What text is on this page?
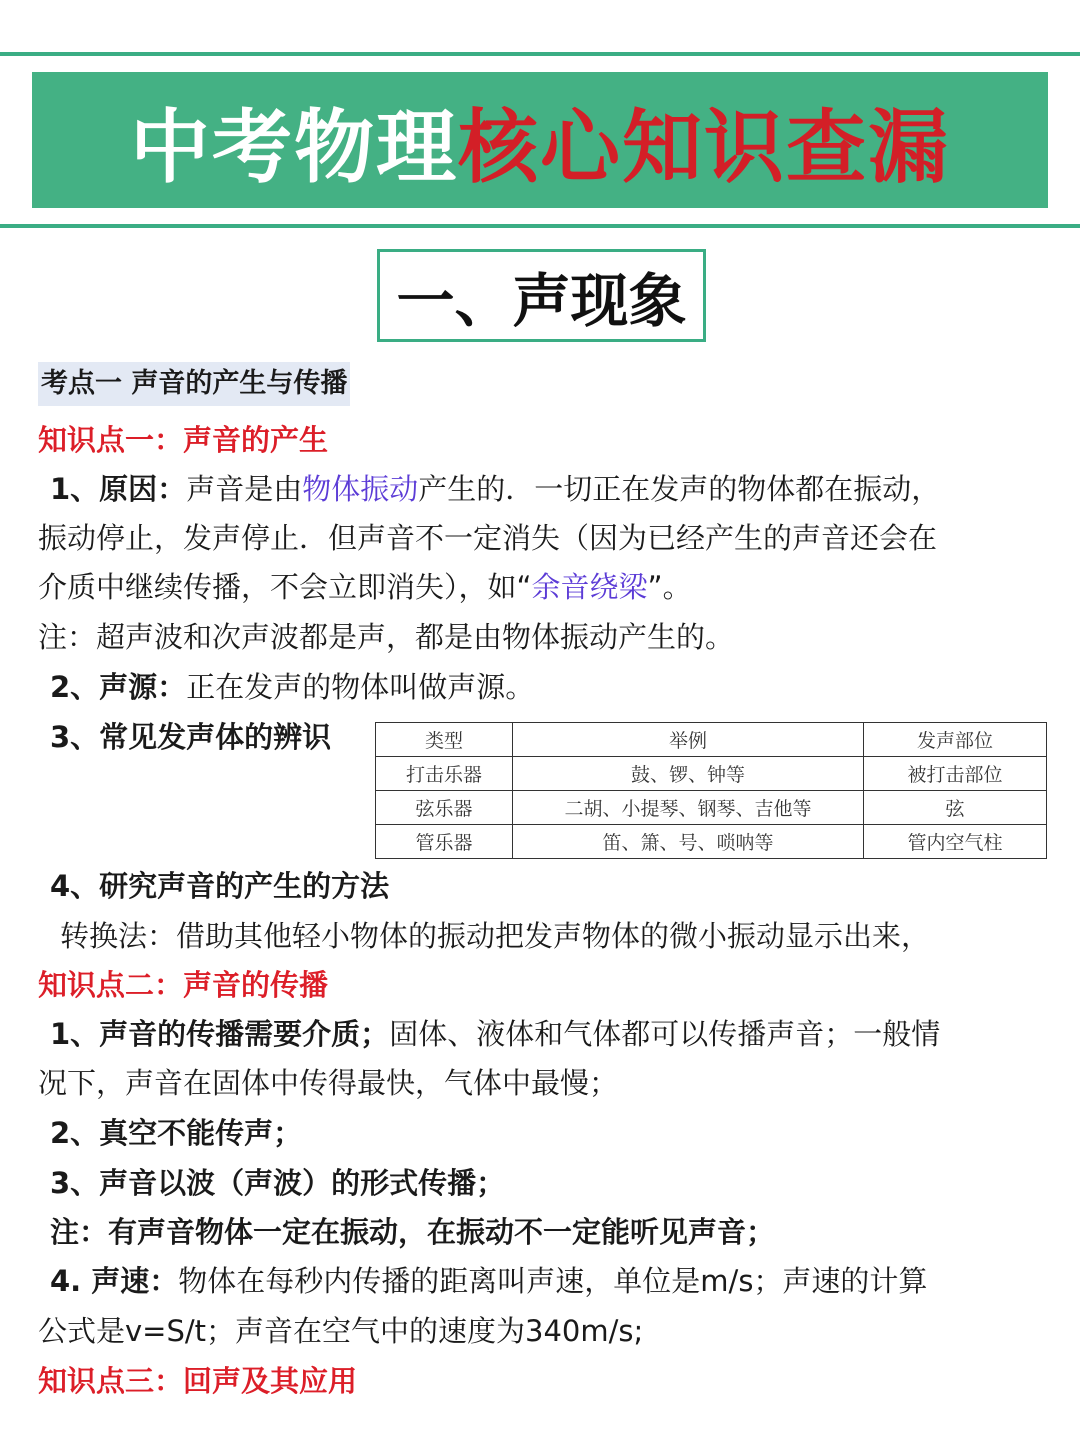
中考物理 核心知识查漏
一、声现象
考点一 声音的产生与传播
知识点一：声音的产生
1、原因：声音是由物体振动产生的．一切正在发声的物体都在振动，
振动停止，发声停止．但声音不一定消失（因为已经产生的声音还会在
介质中继续传播，不会立即消失），如“余音绕梁”。
注：超声波和次声波都是声，都是由物体振动产生的。
2、声源：正在发声的物体叫做声源。
3、常见发声体的辨识	类型	举例	发声部位
打击乐器	鼓、锣、钟等	被打击部位
弦乐器	二胡、小提琴、钢琴、吉他等	弦
管乐器	笛、箫、号、唢呐等	管内空气柱
4、研究声音的产生的方法
转换法：借助其他轻小物体的振动把发声物体的微小振动显示出来，
知识点二：声音的传播
1、声音的传播需要介质；固体、液体和气体都可以传播声音；一般情
况下，声音在固体中传得最快，气体中最慢；
2、真空不能传声；
3、声音以波（声波）的形式传播；
注：有声音物体一定在振动，在振动不一定能听见声音；
4. 声速：物体在每秒内传播的距离叫声速，单位是m/s；声速的计算
公式是v=S/t；声音在空气中的速度为340m/s;
知识点三：回声及其应用
